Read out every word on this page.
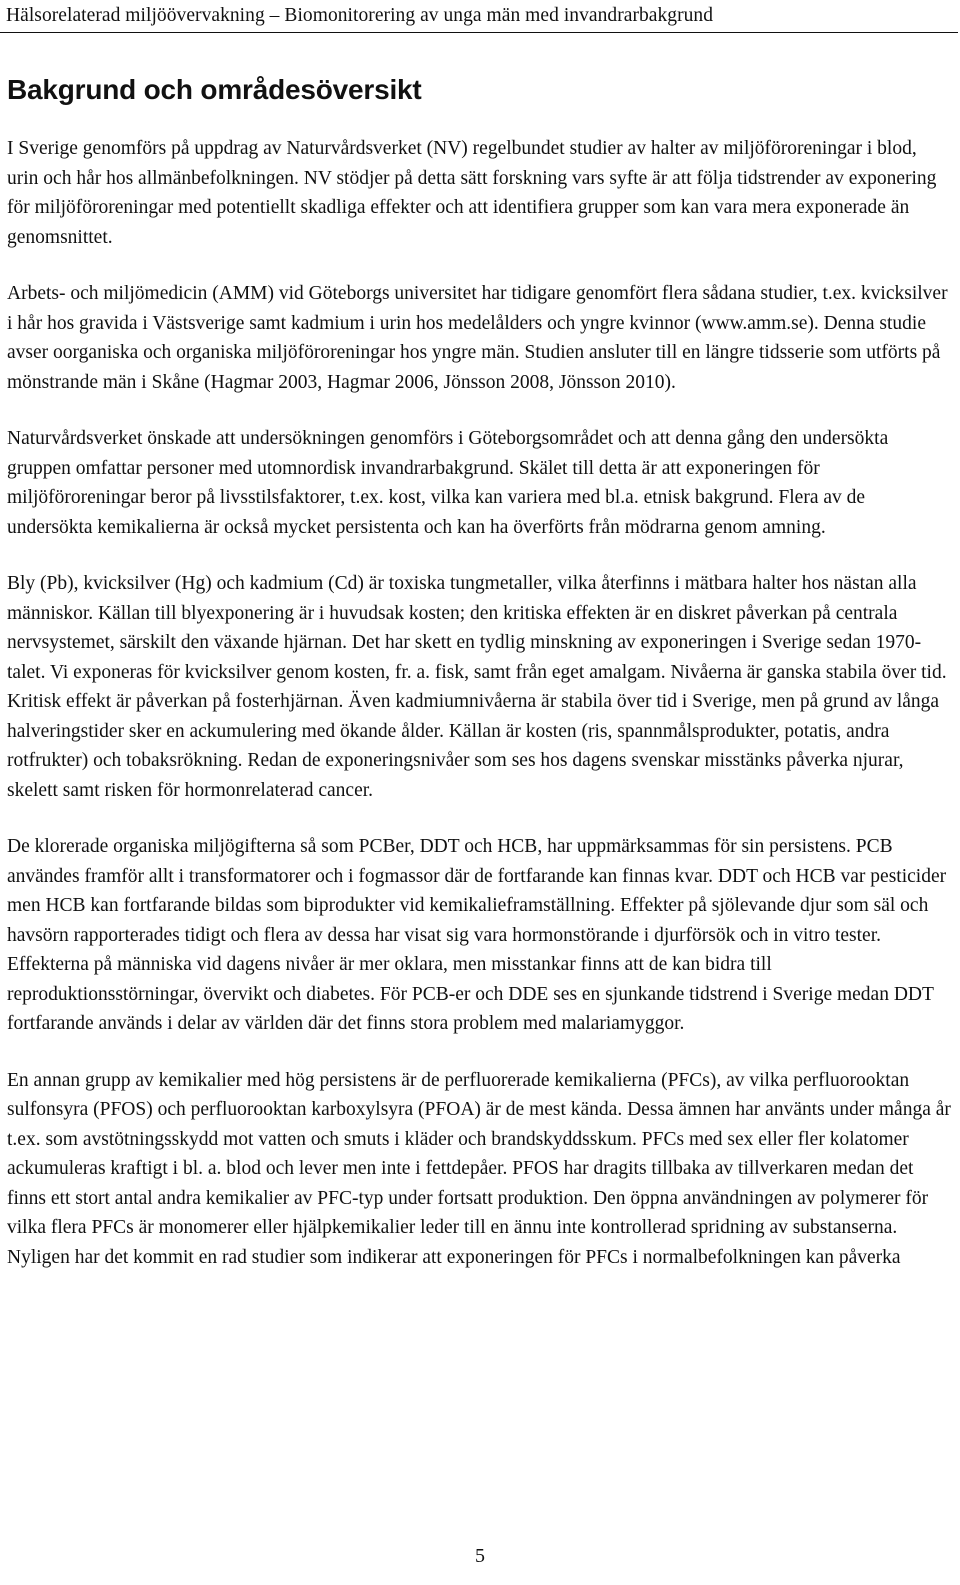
Hälsorelaterad miljöövervakning – Biomonitorering av unga män med invandrarbakgrund
Bakgrund och områdesöversikt

I Sverige genomförs på uppdrag av Naturvårdsverket (NV) regelbundet studier av halter av miljöföroreningar i blod, urin och hår hos allmänbefolkningen. NV stödjer på detta sätt forskning vars syfte är att följa tidstrender av exponering för miljöföroreningar med potentiellt skadliga effekter och att identifiera grupper som kan vara mera exponerade än genomsnittet.

Arbets- och miljömedicin (AMM) vid Göteborgs universitet har tidigare genomfört flera sådana studier, t.ex. kvicksilver i hår hos gravida i Västsverige samt kadmium i urin hos medelålders och yngre kvinnor (www.amm.se). Denna studie avser oorganiska och organiska miljöföroreningar hos yngre män. Studien ansluter till en längre tidsserie som utförts på mönstrande män i Skåne (Hagmar 2003, Hagmar 2006, Jönsson 2008, Jönsson 2010).

Naturvårdsverket önskade att undersökningen genomförs i Göteborgsområdet och att denna gång den undersökta gruppen omfattar personer med utomnordisk invandrarbakgrund. Skälet till detta är att exponeringen för miljöföroreningar beror på livsstilsfaktorer, t.ex. kost, vilka kan variera med bl.a. etnisk bakgrund. Flera av de undersökta kemikalierna är också mycket persistenta och kan ha överförts från mödrarna genom amning.

Bly (Pb), kvicksilver (Hg) och kadmium (Cd) är toxiska tungmetaller, vilka återfinns i mätbara halter hos nästan alla människor. Källan till blyexponering är i huvudsak kosten; den kritiska effekten är en diskret påverkan på centrala nervsystemet, särskilt den växande hjärnan. Det har skett en tydlig minskning av exponeringen i Sverige sedan 1970-talet. Vi exponeras för kvicksilver genom kosten, fr. a. fisk, samt från eget amalgam. Nivåerna är ganska stabila över tid. Kritisk effekt är påverkan på fosterhjärnan. Även kadmiumnivåerna är stabila över tid i Sverige, men på grund av långa halveringstider sker en ackumulering med ökande ålder. Källan är kosten (ris, spannmålsprodukter, potatis, andra rotfrukter) och tobaksrökning. Redan de exponeringsnivåer som ses hos dagens svenskar misstänks påverka njurar, skelett samt risken för hormonrelaterad cancer.

De klorerade organiska miljögifterna så som PCBer, DDT och HCB, har uppmärksammas för sin persistens. PCB användes framför allt i transformatorer och i fogmassor där de fortfarande kan finnas kvar. DDT och HCB var pesticider men HCB kan fortfarande bildas som biprodukter vid kemikalieframställning. Effekter på sjölevande djur som säl och havsörn rapporterades tidigt och flera av dessa har visat sig vara hormonstörande i djurförsök och in vitro tester. Effekterna på människa vid dagens nivåer är mer oklara, men misstankar finns att de kan bidra till reproduktionsstörningar, övervikt och diabetes. För PCB-er och DDE ses en sjunkande tidstrend i Sverige medan DDT fortfarande används i delar av världen där det finns stora problem med malariamyggor.

En annan grupp av kemikalier med hög persistens är de perfluorerade kemikalierna (PFCs), av vilka perfluorooktan sulfonsyra (PFOS) och perfluorooktan karboxylsyra (PFOA) är de mest kända. Dessa ämnen har använts under många år t.ex. som avstötningsskydd mot vatten och smuts i kläder och brandskyddsskum. PFCs med sex eller fler kolatomer ackumuleras kraftigt i bl. a. blod och lever men inte i fettdepåer. PFOS har dragits tillbaka av tillverkaren medan det finns ett stort antal andra kemikalier av PFC-typ under fortsatt produktion. Den öppna användningen av polymerer för vilka flera PFCs är monomerer eller hjälpkemikalier leder till en ännu inte kontrollerad spridning av substanserna. Nyligen har det kommit en rad studier som indikerar att exponeringen för PFCs i normalbefolkningen kan påverka

5
